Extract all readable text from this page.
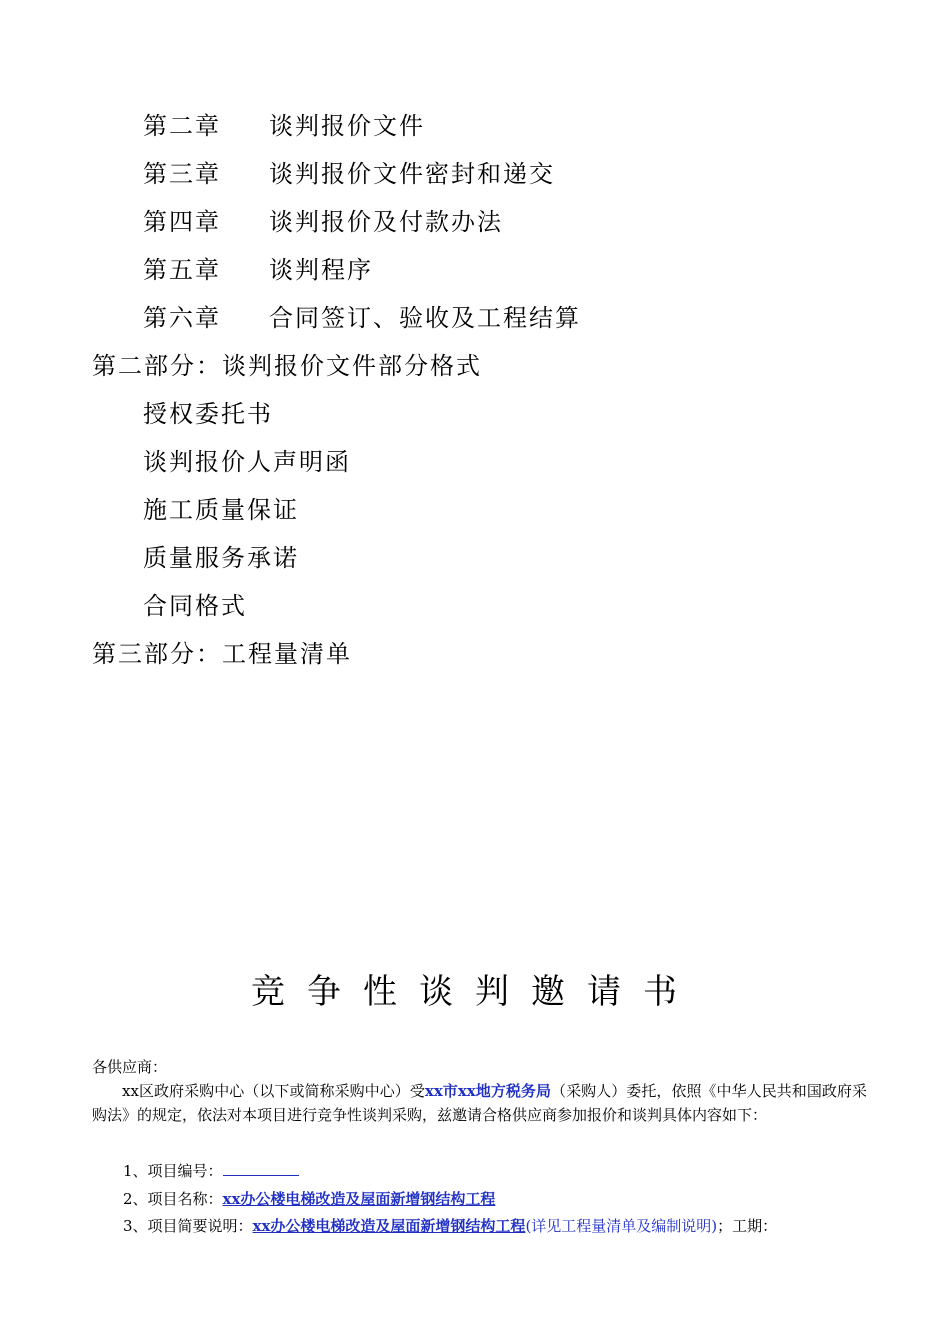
第二章 谈判报价文件
第三章 谈判报价文件密封和递交
第四章 谈判报价及付款办法
第五章 谈判程序
第六章 合同签订、验收及工程结算
第二部分：谈判报价文件部分格式
授权委托书
谈判报价人声明函
施工质量保证
质量服务承诺
合同格式
第三部分：工程量清单
竞争性谈判邀请书
各供应商：
xx区政府采购中心（以下或简称采购中心）受xx市xx地方税务局（采购人）委托，依照《中华人民共和国政府采购法》的规定，依法对本项目进行竞争性谈判采购，兹邀请合格供应商参加报价和谈判具体内容如下：
1、项目编号：
2、项目名称：xx办公楼电梯改造及屋面新增钢结构工程
3、项目简要说明：xx办公楼电梯改造及屋面新增钢结构工程(详见工程量清单及编制说明)；工期：
